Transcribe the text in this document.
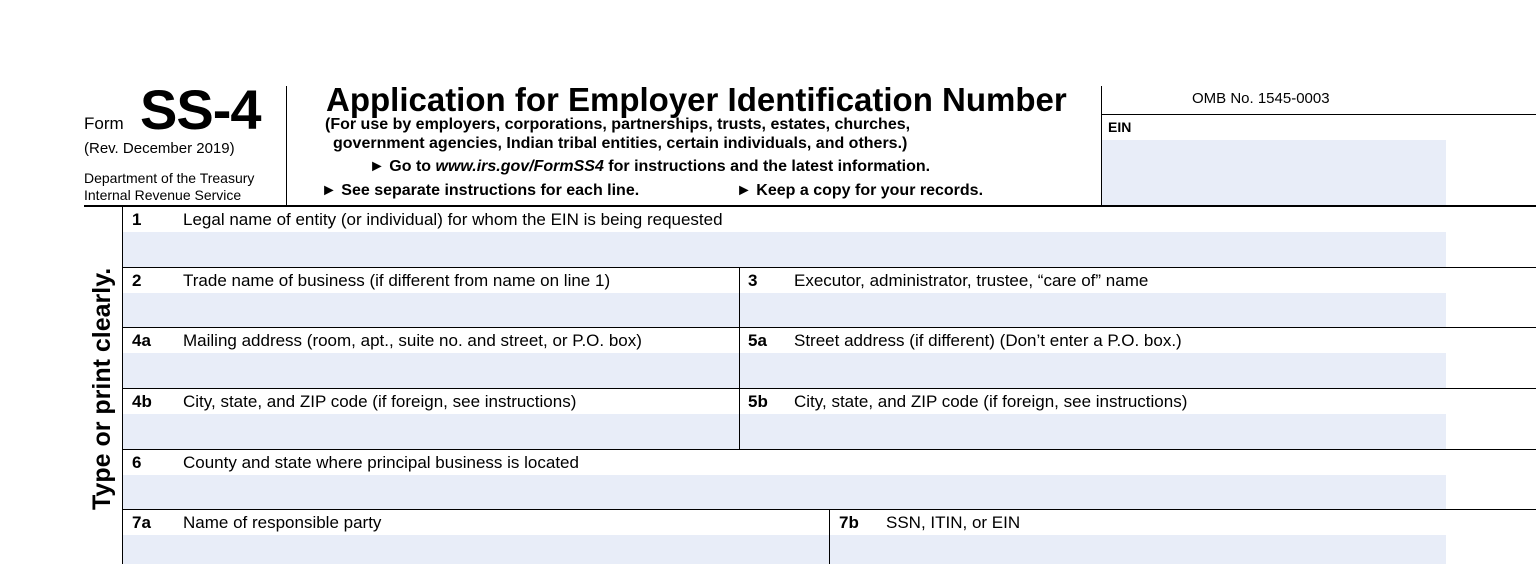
Form SS-4
(Rev. December 2019)
Department of the Treasury
Internal Revenue Service
Application for Employer Identification Number
(For use by employers, corporations, partnerships, trusts, estates, churches,
government agencies, Indian tribal entities, certain individuals, and others.)
► Go to www.irs.gov/FormSS4 for instructions and the latest information.
► See separate instructions for each line.	► Keep a copy for your records.
OMB No. 1545-0003
EIN
Type or print clearly.
1 Legal name of entity (or individual) for whom the EIN is being requested
2 Trade name of business (if different from name on line 1)	3 Executor, administrator, trustee, “care of” name
4a Mailing address (room, apt., suite no. and street, or P.O. box)	5a Street address (if different) (Don’t enter a P.O. box.)
4b City, state, and ZIP code (if foreign, see instructions)	5b City, state, and ZIP code (if foreign, see instructions)
6 County and state where principal business is located
7a Name of responsible party	7b SSN, ITIN, or EIN
